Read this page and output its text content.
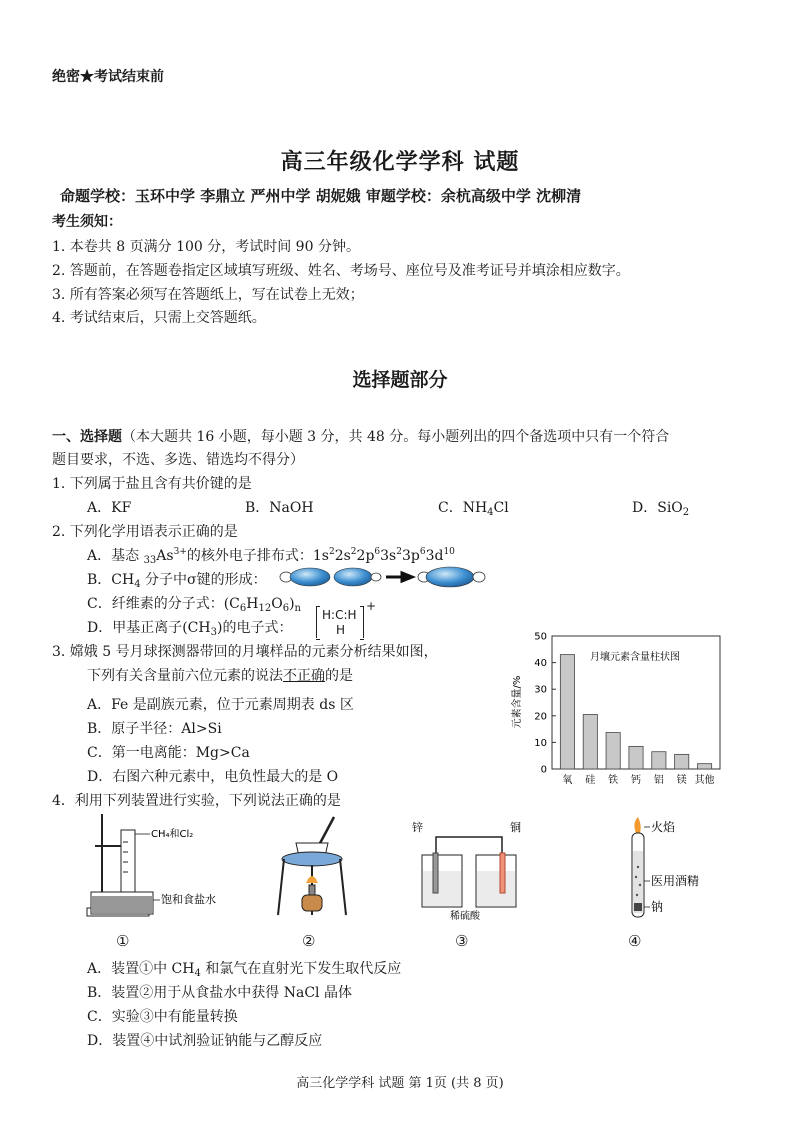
绝密★考试结束前
高三年级化学学科 试题
命题学校：玉环中学 李鼎立 严州中学 胡妮娥 审题学校：余杭高级中学 沈柳清
考生须知：
1. 本卷共 8 页满分 100 分，考试时间 90 分钟。
2. 答题前，在答题卷指定区域填写班级、姓名、考场号、座位号及准考证号并填涂相应数字。
3. 所有答案必须写在答题纸上，写在试卷上无效；
4. 考试结束后，只需上交答题纸。
选择题部分
一、选择题（本大题共 16 小题，每小题 3 分，共 48 分。每小题列出的四个备选项中只有一个符合
题目要求，不选、多选、错选均不得分）
1. 下列属于盐且含有共价键的是
A．KF	B．NaOH	C．$NH_4Cl$	D．SiO$_2$
2. 下列化学用语表示正确的是
A．基态 $_{33}As^{3+}$的核外电子排布式：$1s^22s^22p^63s^23p^63d^{10}$
B．$CH_4$ 分子中σ键的形成：
C．纤维素的分子式：$(C_6H_{12}O_6)_n$
D．甲基正离子$(CH_3)$的电子式：
H:C:H
H
+
3. 嫦娥 5 号月球探测器带回的月壤样品的元素分析结果如图，
下列有关含量前六位元素的说法不正确的是
A．Fe 是副族元素，位于元素周期表 ds 区
B．原子半径：Al>Si
C．第一电离能：Mg>Ca
D．右图六种元素中，电负性最大的是 O
月壤元素含量柱状图
元素含量/%
0
10
20
30
40
50
氧 硅 铁 钙 铝 镁 其他
4．利用下列装置进行实验，下列说法正确的是
CH₄和Cl₂
饱和食盐水
锌	铜
稀硫酸
火焰
医用酒精
钠
①	②	③	④
A．装置①中 $CH_4$ 和氯气在直射光下发生取代反应
B．装置②用于从食盐水中获得 NaCl 晶体
C．实验③中有能量转换
D．装置④中试剂验证钠能与乙醇反应
高三化学学科 试题 第 1页 (共 8 页)
